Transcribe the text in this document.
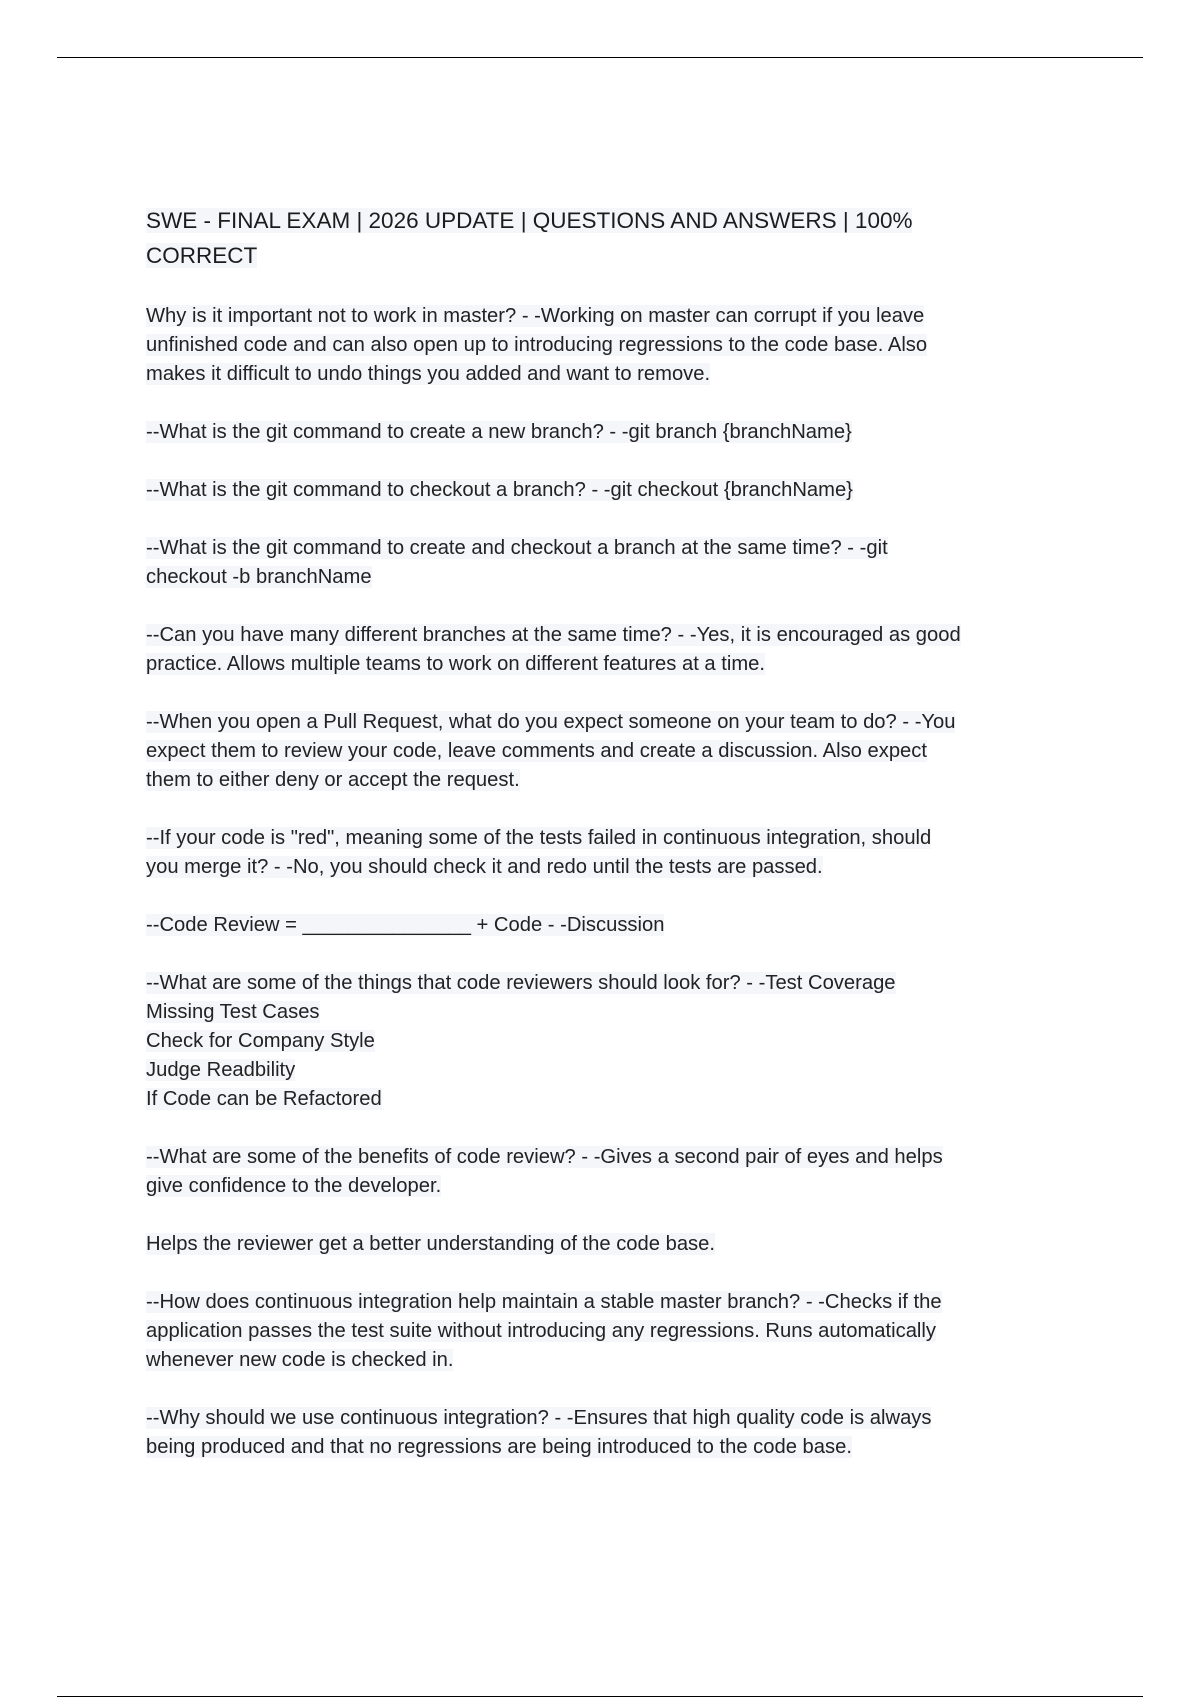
SWE - FINAL EXAM | 2026 UPDATE | QUESTIONS AND ANSWERS | 100%
CORRECT
Why is it important not to work in master? - -Working on master can corrupt if you leave
unfinished code and can also open up to introducing regressions to the code base. Also
makes it difficult to undo things you added and want to remove.
--What is the git command to create a new branch? - -git branch {branchName}
--What is the git command to checkout a branch? - -git checkout {branchName}
--What is the git command to create and checkout a branch at the same time? - -git
checkout -b branchName
--Can you have many different branches at the same time? - -Yes, it is encouraged as good
practice. Allows multiple teams to work on different features at a time.
--When you open a Pull Request, what do you expect someone on your team to do? - -You
expect them to review your code, leave comments and create a discussion. Also expect
them to either deny or accept the request.
--If your code is "red", meaning some of the tests failed in continuous integration, should
you merge it? - -No, you should check it and redo until the tests are passed.
--Code Review = _______________ + Code - -Discussion
--What are some of the things that code reviewers should look for? - -Test Coverage
Missing Test Cases
Check for Company Style
Judge Readbility
If Code can be Refactored
--What are some of the benefits of code review? - -Gives a second pair of eyes and helps
give confidence to the developer.
Helps the reviewer get a better understanding of the code base.
--How does continuous integration help maintain a stable master branch? - -Checks if the
application passes the test suite without introducing any regressions. Runs automatically
whenever new code is checked in.
--Why should we use continuous integration? - -Ensures that high quality code is always
being produced and that no regressions are being introduced to the code base.
